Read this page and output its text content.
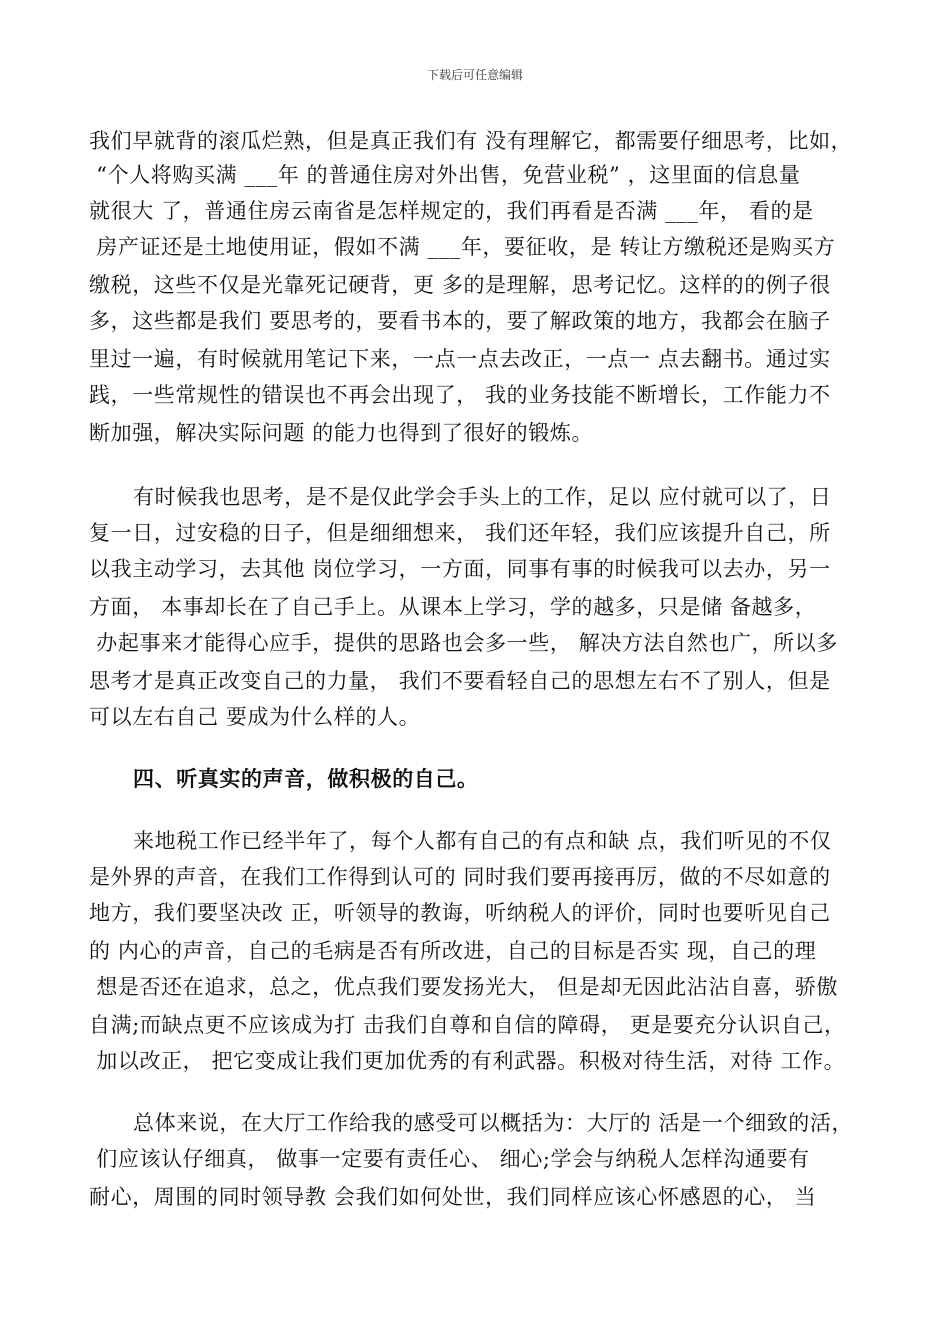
下载后可任意编辑
我们早就背的滚瓜烂熟，但是真正我们有 没有理解它，都需要仔细思考，比如，
“个人将购买满 ___年 的普通住房对外出售，免营业税” ，这里面的信息量
就很大 了，普通住房云南省是怎样规定的，我们再看是否满 ___年， 看的是
房产证还是土地使用证，假如不满 ___年，要征收，是 转让方缴税还是购买方
缴税，这些不仅是光靠死记硬背，更 多的是理解，思考记忆。这样的的例子很
多，这些都是我们 要思考的，要看书本的，要了解政策的地方，我都会在脑子
里过一遍，有时候就用笔记下来，一点一点去改正，一点一 点去翻书。通过实
践，一些常规性的错误也不再会出现了， 我的业务技能不断增长，工作能力不
断加强，解决实际问题 的能力也得到了很好的锻炼。
有时候我也思考，是不是仅此学会手头上的工作，足以 应付就可以了，日
复一日，过安稳的日子，但是细细想来， 我们还年轻，我们应该提升自己，所
以我主动学习，去其他 岗位学习，一方面，同事有事的时候我可以去办，另一
方面， 本事却长在了自己手上。从课本上学习，学的越多，只是储 备越多，
办起事来才能得心应手，提供的思路也会多一些， 解决方法自然也广，所以多
思考才是真正改变自己的力量， 我们不要看轻自己的思想左右不了别人，但是
可以左右自己 要成为什么样的人。
四、听真实的声音，做积极的自己。
来地税工作已经半年了，每个人都有自己的有点和缺 点，我们听见的不仅
是外界的声音，在我们工作得到认可的 同时我们要再接再厉，做的不尽如意的
地方，我们要坚决改 正，听领导的教诲，听纳税人的评价，同时也要听见自己
的 内心的声音，自己的毛病是否有所改进，自己的目标是否实 现，自己的理
想是否还在追求，总之，优点我们要发扬光大， 但是却无因此沾沾自喜，骄傲
自满;而缺点更不应该成为打 击我们自尊和自信的障碍， 更是要充分认识自己，
加以改正， 把它变成让我们更加优秀的有利武器。积极对待生活，对待 工作。
总体来说，在大厅工作给我的感受可以概括为：大厅的 活是一个细致的活，
们应该认仔细真， 做事一定要有责任心、 细心;学会与纳税人怎样沟通要有
耐心，周围的同时领导教 会我们如何处世，我们同样应该心怀感恩的心， 当
